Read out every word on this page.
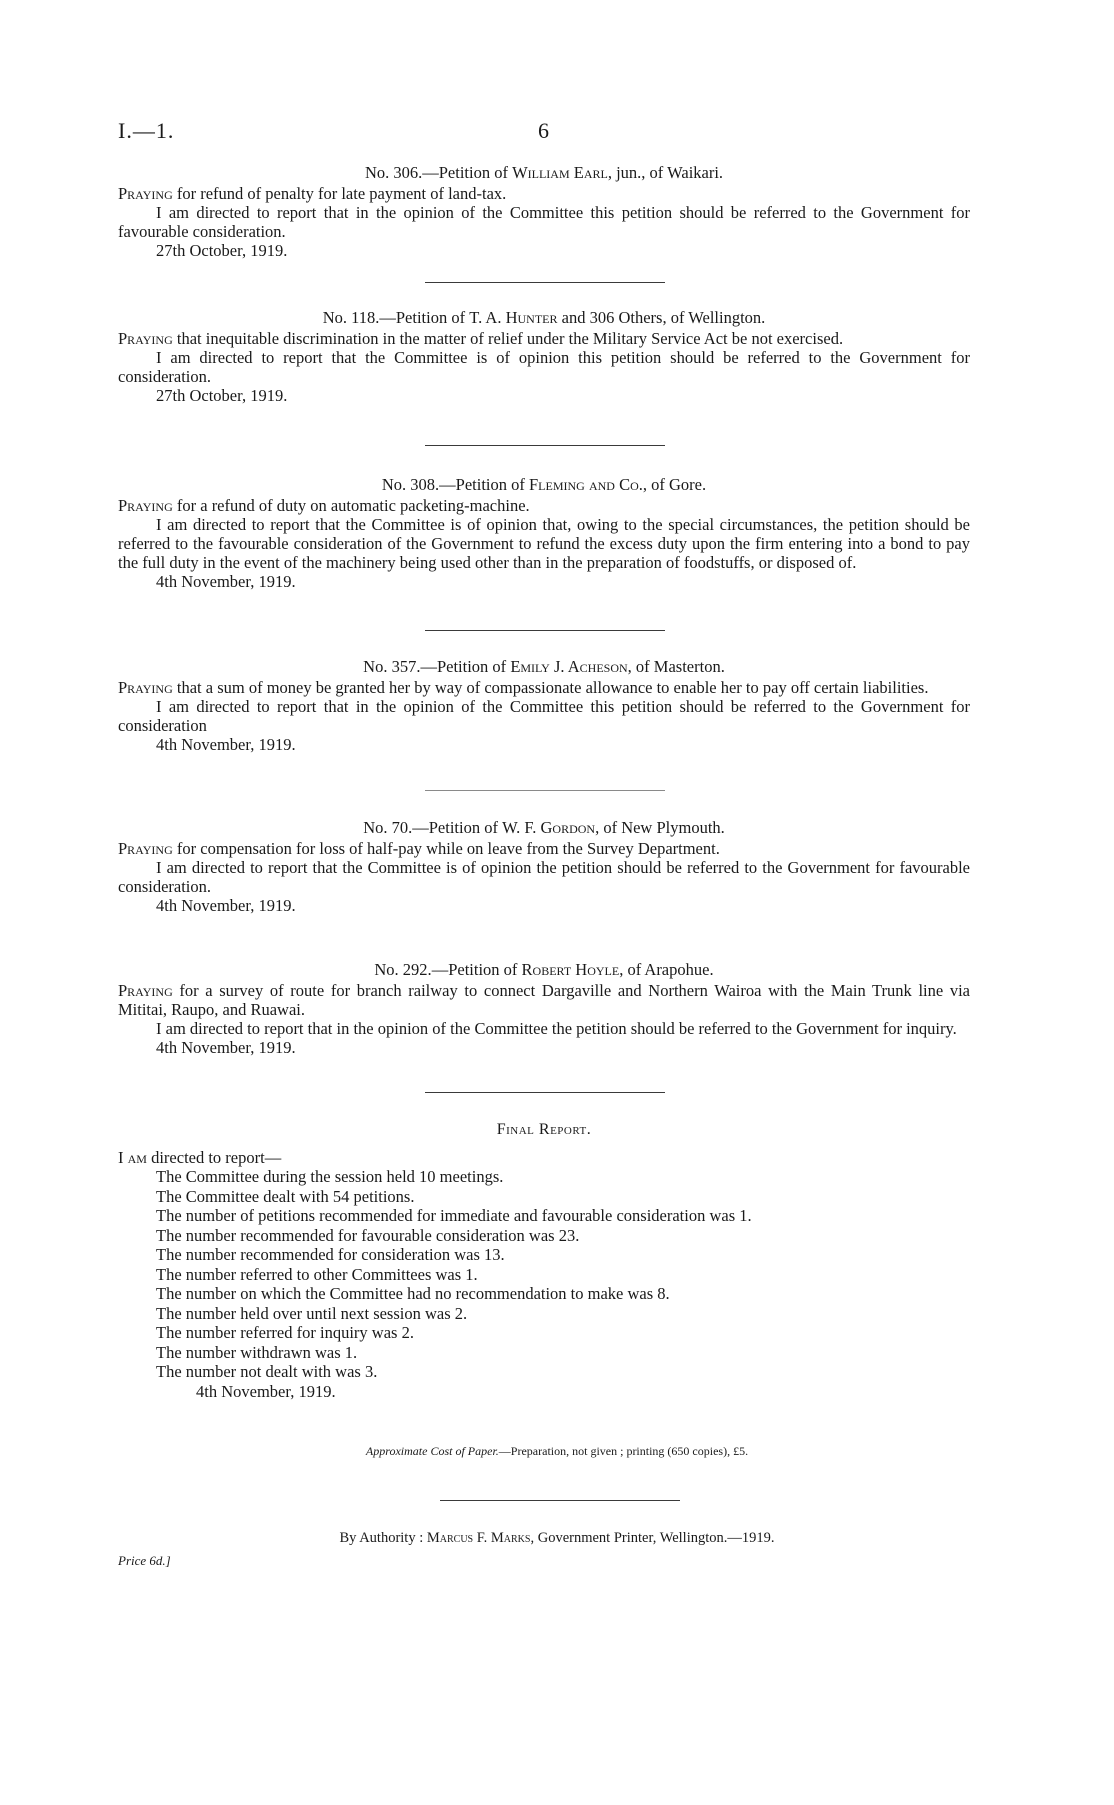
I.—1.	6
No. 306.—Petition of William Earl, jun., of Waikari.
Praying for refund of penalty for late payment of land-tax.
I am directed to report that in the opinion of the Committee this petition should be referred to the Government for favourable consideration.
27th October, 1919.
No. 118.—Petition of T. A. Hunter and 306 Others, of Wellington.
Praying that inequitable discrimination in the matter of relief under the Military Service Act be not exercised.
I am directed to report that the Committee is of opinion this petition should be referred to the Government for consideration.
27th October, 1919.
No. 308.—Petition of Fleming and Co., of Gore.
Praying for a refund of duty on automatic packeting-machine.
I am directed to report that the Committee is of opinion that, owing to the special circumstances, the petition should be referred to the favourable consideration of the Government to refund the excess duty upon the firm entering into a bond to pay the full duty in the event of the machinery being used other than in the preparation of foodstuffs, or disposed of.
4th November, 1919.
No. 357.—Petition of Emily J. Acheson, of Masterton.
Praying that a sum of money be granted her by way of compassionate allowance to enable her to pay off certain liabilities.
I am directed to report that in the opinion of the Committee this petition should be referred to the Government for consideration
4th November, 1919.
No. 70.—Petition of W. F. Gordon, of New Plymouth.
Praying for compensation for loss of half-pay while on leave from the Survey Department.
I am directed to report that the Committee is of opinion the petition should be referred to the Government for favourable consideration.
4th November, 1919.
No. 292.—Petition of Robert Hoyle, of Arapohue.
Praying for a survey of route for branch railway to connect Dargaville and Northern Wairoa with the Main Trunk line via Mititai, Raupo, and Ruawai.
I am directed to report that in the opinion of the Committee the petition should be referred to the Government for inquiry.
4th November, 1919.
Final Report.
I am directed to report—
The Committee during the session held 10 meetings.
The Committee dealt with 54 petitions.
The number of petitions recommended for immediate and favourable consideration was 1.
The number recommended for favourable consideration was 23.
The number recommended for consideration was 13.
The number referred to other Committees was 1.
The number on which the Committee had no recommendation to make was 8.
The number held over until next session was 2.
The number referred for inquiry was 2.
The number withdrawn was 1.
The number not dealt with was 3.
4th November, 1919.
Approximate Cost of Paper.—Preparation, not given ; printing (650 copies), £5.
By Authority : Marcus F. Marks, Government Printer, Wellington.—1919.
Price 6d.]
